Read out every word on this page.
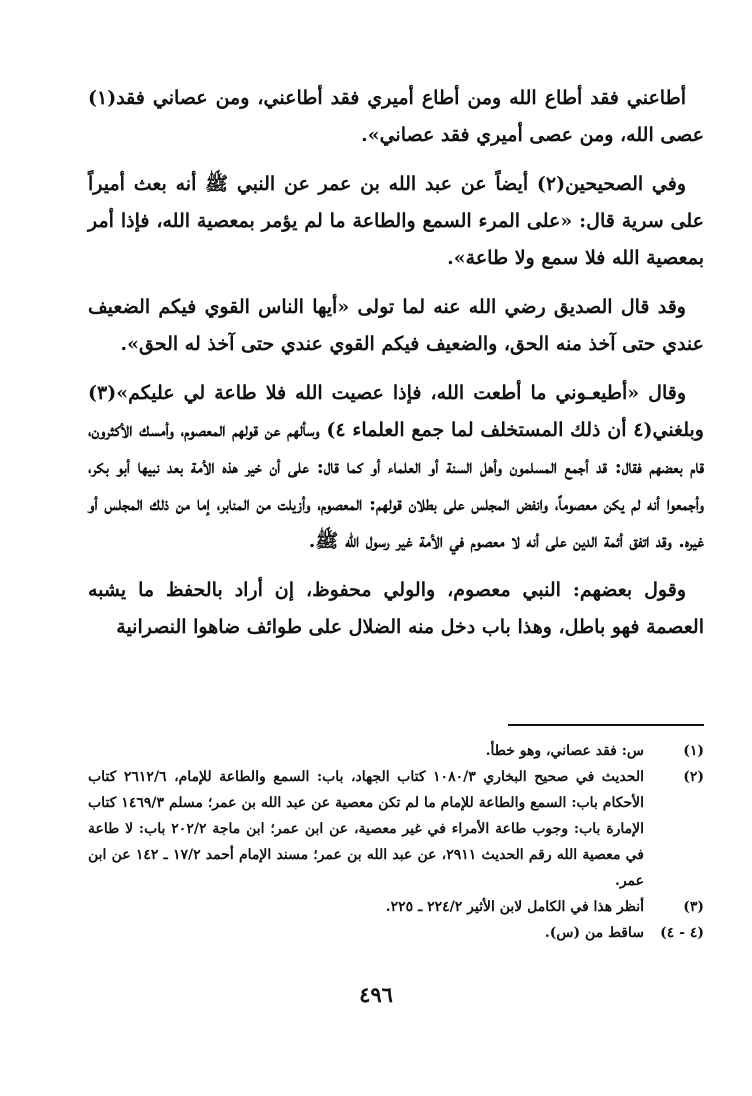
أطاعني فقد أطاع الله ومن أطاع أميري فقد أطاعني، ومن عصاني فقد(١) عصى الله، ومن عصى أميري فقد عصاني».

وفي الصحيحين(٢) أيضاً عن عبد الله بن عمر عن النبي ﷺ أنه بعث أميراً على سرية قال: «على المرء السمع والطاعة ما لم يؤمر بمعصية الله، فإذا أمر بمعصية الله فلا سمع ولا طاعة».

وقد قال الصديق رضي الله عنه لما تولى «أيها الناس القوي فيكم الضعيف عندي حتى آخذ منه الحق، والضعيف فيكم القوي عندي حتى آخذ له الحق».

وقال «أطيعـوني ما أطعت الله، فإذا عصيت الله فلا طاعة لي عليكم»(٣) وبلغني(٤ أن ذلك المستخلف لما جمع العلماء ٤) وسألهم عن قولهم المعصوم، وأمسك الأكثرون، قام بعضهم فقال: قد أجمع المسلمون وأهل السنة أو العلماء أو كما قال: على أن خير هذه الأمة بعد نبيها أبو بكر، وأجمعوا أنه لم يكن معصوماً، وانفض المجلس على بطلان قولهم: المعصوم، وأزيلت من المنابر، إما من ذلك المجلس أو غيره. وقد اتفق أئمة الدين على أنه لا معصوم في الأمة غير رسول الله ﷺ.

وقول بعضهم: النبي معصوم، والولي محفوظ، إن أراد بالحفظ ما يشبه العصمة فهو باطل، وهذا باب دخل منه الضلال على طوائف ضاهوا النصرانية

(١)
س: فقد عصاني، وهو خطأ.
(٢)
الحديث في صحيح البخاري ١٠٨٠/٣ كتاب الجهاد، باب: السمع والطاعة للإمام، ٢٦١٢/٦ كتاب الأحكام باب: السمع والطاعة للإمام ما لم تكن معصية عن عبد الله بن عمر؛ مسلم ١٤٦٩/٣ كتاب الإمارة باب: وجوب طاعة الأمراء في غير معصية، عن ابن عمر؛ ابن ماجة ٢٠٢/٢ باب: لا طاعة في معصية الله رقم الحديث ٢٩١١، عن عبد الله بن عمر؛ مسند الإمام أحمد ١٧/٢ ـ ١٤٢ عن ابن عمر.
(٣)
أنظر هذا في الكامل لابن الأثير ٢٢٤/٢ ـ ٢٢٥.
(٤ - ٤)
ساقط من (س).
٤٩٦
